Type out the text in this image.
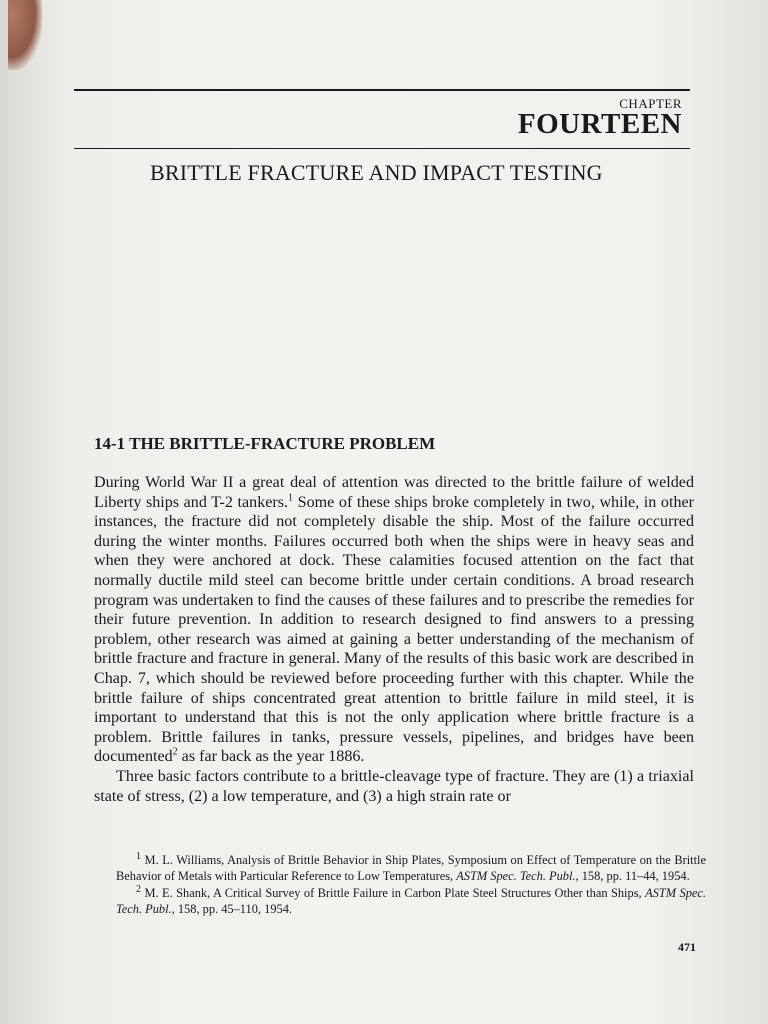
CHAPTER
FOURTEEN
BRITTLE FRACTURE AND IMPACT TESTING
14-1 THE BRITTLE-FRACTURE PROBLEM

During World War II a great deal of attention was directed to the brittle failure of welded Liberty ships and T-2 tankers.$^1$ Some of these ships broke completely in two, while, in other instances, the fracture did not completely disable the ship. Most of the failure occurred during the winter months. Failures occurred both when the ships were in heavy seas and when they were anchored at dock. These calamities focused attention on the fact that normally ductile mild steel can become brittle under certain conditions. A broad research program was undertaken to find the causes of these failures and to prescribe the remedies for their future prevention. In addition to research designed to find answers to a pressing problem, other research was aimed at gaining a better understanding of the mechanism of brittle fracture and fracture in general. Many of the results of this basic work are described in Chap. 7, which should be reviewed before proceeding further with this chapter. While the brittle failure of ships concentrated great attention to brittle failure in mild steel, it is important to understand that this is not the only application where brittle fracture is a problem. Brittle failures in tanks, pressure vessels, pipelines, and bridges have been documented$^2$ as far back as the year 1886.

Three basic factors contribute to a brittle-cleavage type of fracture. They are (1) a triaxial state of stress, (2) a low temperature, and (3) a high strain rate or

$^1$ M. L. Williams, Analysis of Brittle Behavior in Ship Plates, Symposium on Effect of Temperature on the Brittle Behavior of Metals with Particular Reference to Low Temperatures, ASTM Spec. Tech. Publ., 158, pp. 11–44, 1954.

$^2$ M. E. Shank, A Critical Survey of Brittle Failure in Carbon Plate Steel Structures Other than Ships, ASTM Spec. Tech. Publ., 158, pp. 45–110, 1954.

471
